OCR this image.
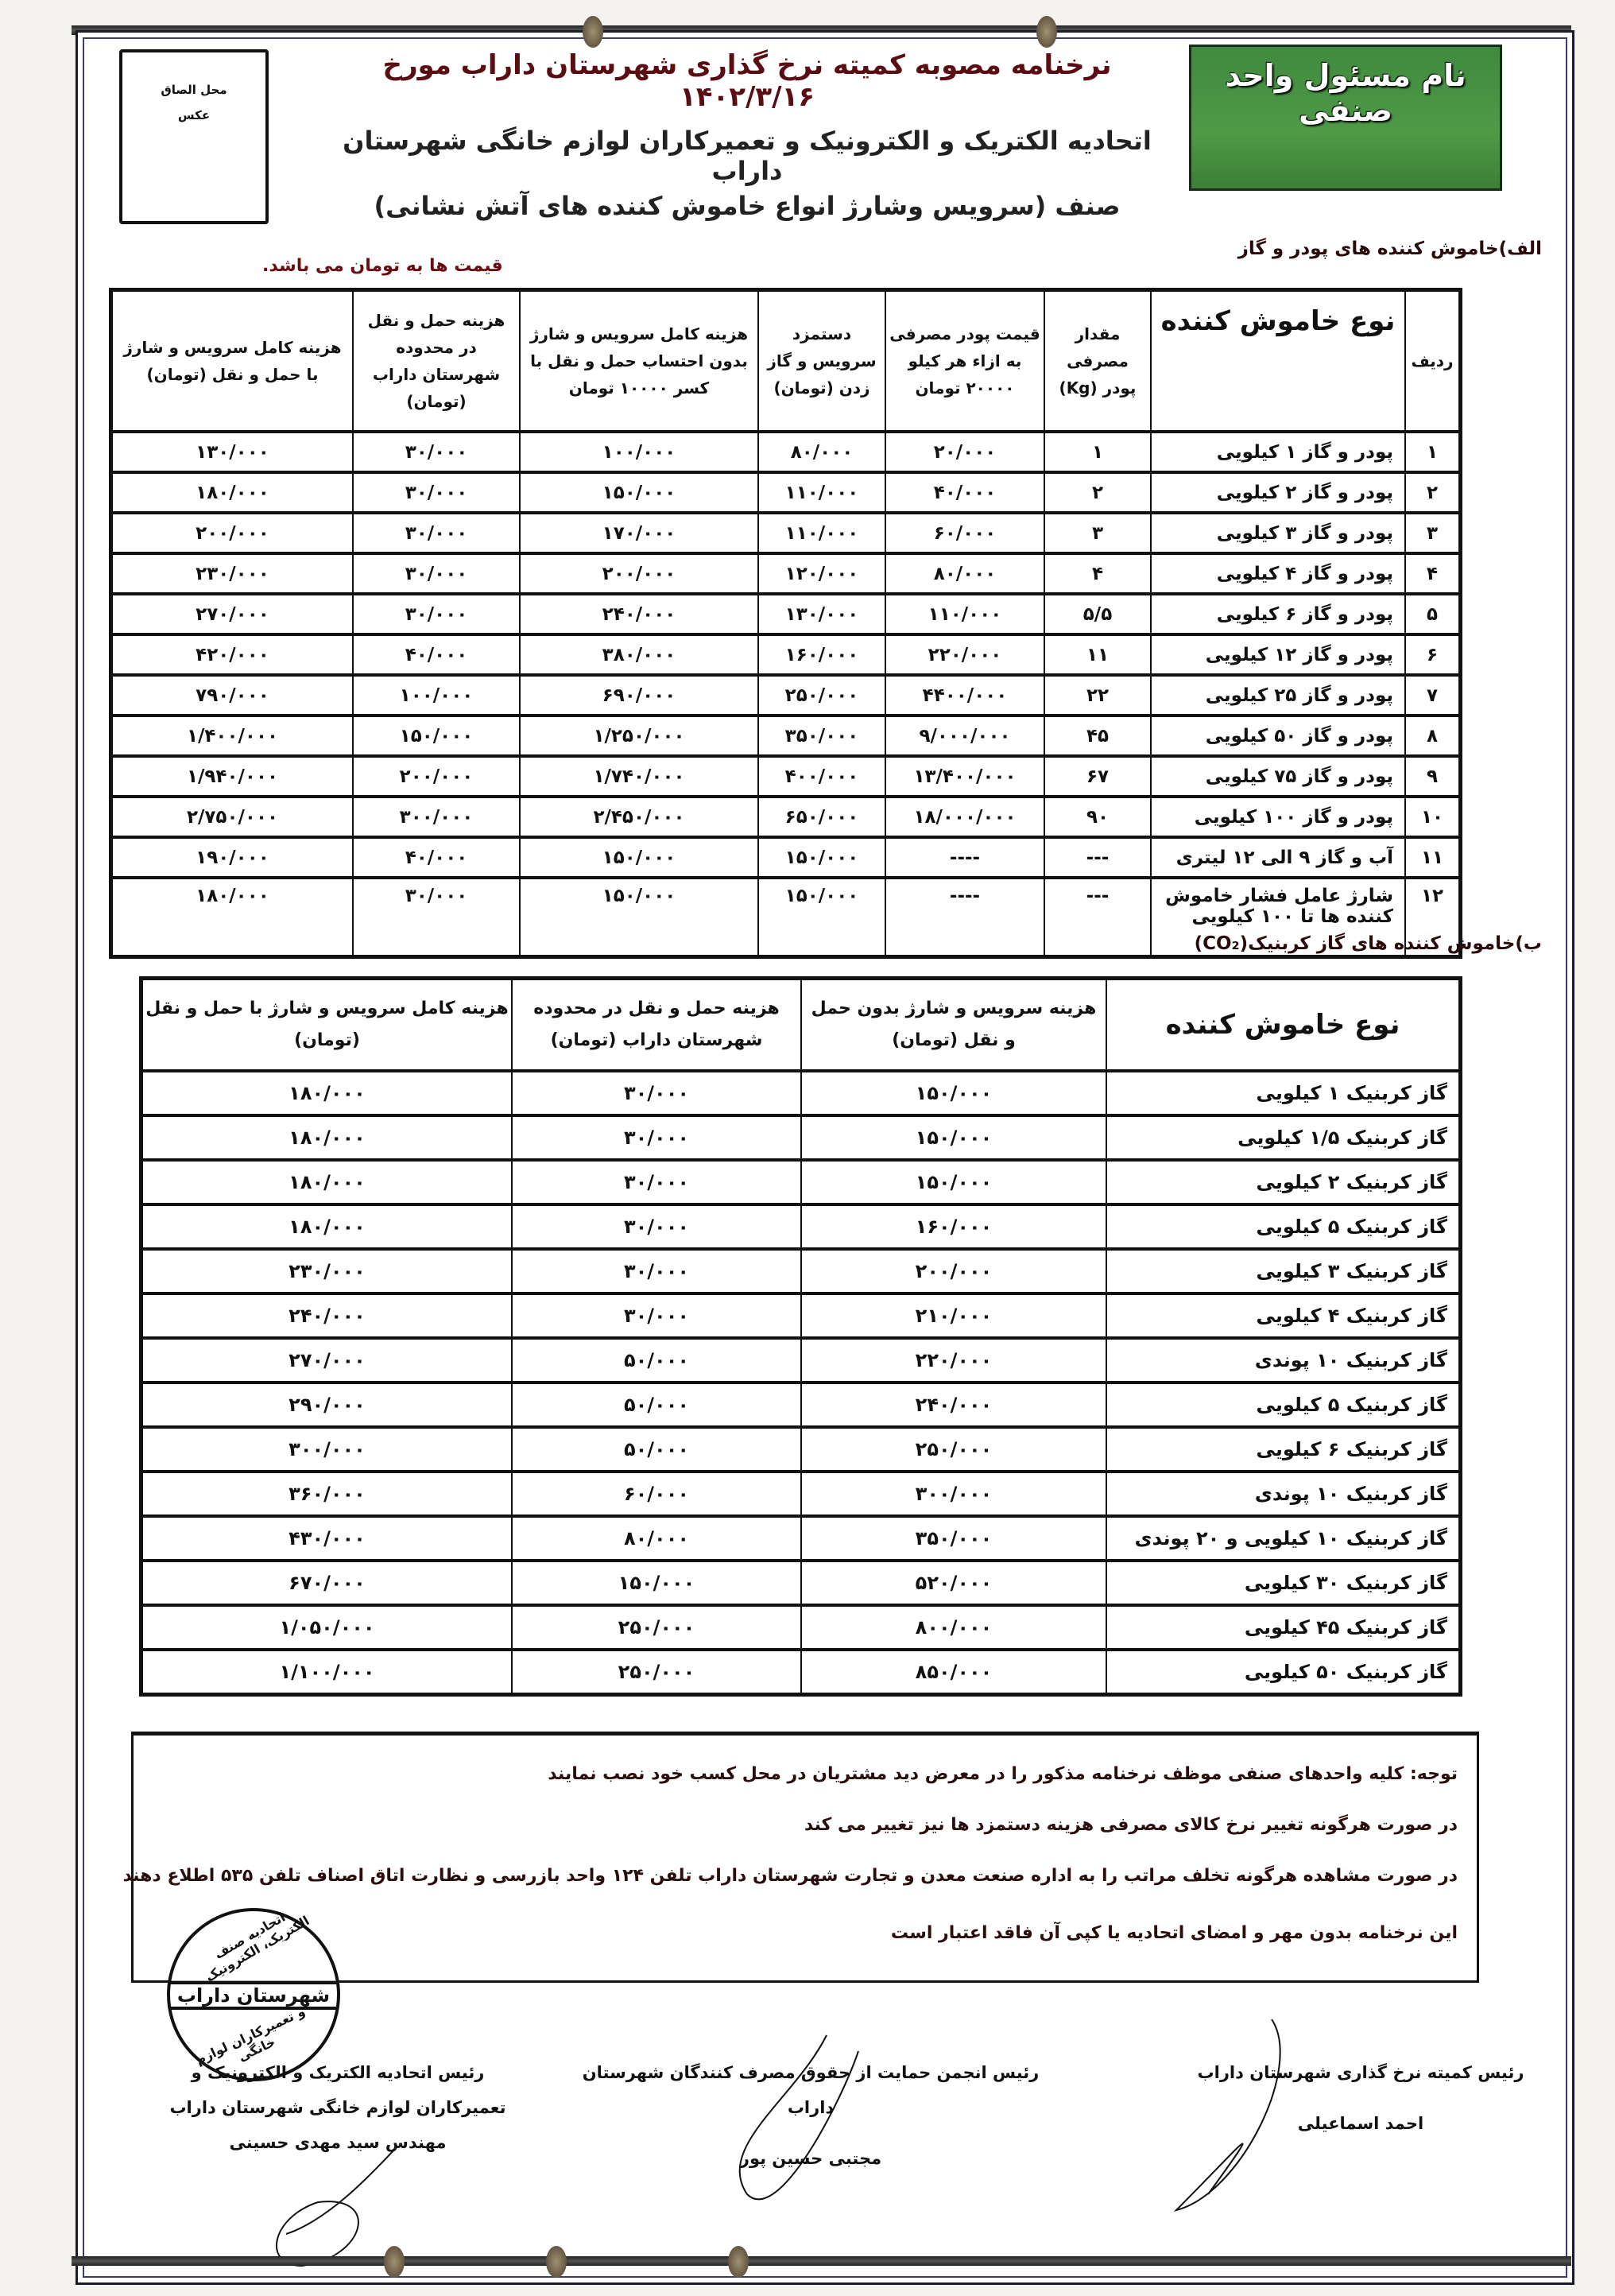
محل الصاق
عکس
نام مسئول واحد صنفی
نرخنامه مصوبه کمیته نرخ گذاری شهرستان داراب مورخ ۱۴۰۲/۳/۱۶
اتحادیه الکتریک و الکترونیک و تعمیرکاران لوازم خانگی شهرستان داراب
صنف (سرویس وشارژ انواع خاموش کننده های آتش نشانی)
الف)خاموش کننده های پودر و گاز
قیمت ها به تومان می باشد.
ردیف	نوع خاموش کننده	مقدار مصرفی پودر (Kg)	قیمت پودر مصرفی به ازاء هر کیلو ۲۰۰۰۰ تومان	دستمزد سرویس و گاز زدن (تومان)	هزینه کامل سرویس و شارژ بدون احتساب حمل و نقل با کسر ۱۰۰۰۰ تومان	هزینه حمل و نقل در محدوده شهرستان داراب (تومان)	هزینه کامل سرویس و شارژ با حمل و نقل (تومان)
۱	پودر و گاز ۱ کیلویی	۱	۲۰/۰۰۰	۸۰/۰۰۰	۱۰۰/۰۰۰	۳۰/۰۰۰	۱۳۰/۰۰۰
۲	پودر و گاز ۲ کیلویی	۲	۴۰/۰۰۰	۱۱۰/۰۰۰	۱۵۰/۰۰۰	۳۰/۰۰۰	۱۸۰/۰۰۰
۳	پودر و گاز ۳ کیلویی	۳	۶۰/۰۰۰	۱۱۰/۰۰۰	۱۷۰/۰۰۰	۳۰/۰۰۰	۲۰۰/۰۰۰
۴	پودر و گاز ۴ کیلویی	۴	۸۰/۰۰۰	۱۲۰/۰۰۰	۲۰۰/۰۰۰	۳۰/۰۰۰	۲۳۰/۰۰۰
۵	پودر و گاز ۶ کیلویی	۵/۵	۱۱۰/۰۰۰	۱۳۰/۰۰۰	۲۴۰/۰۰۰	۳۰/۰۰۰	۲۷۰/۰۰۰
۶	پودر و گاز ۱۲ کیلویی	۱۱	۲۲۰/۰۰۰	۱۶۰/۰۰۰	۳۸۰/۰۰۰	۴۰/۰۰۰	۴۲۰/۰۰۰
۷	پودر و گاز ۲۵ کیلویی	۲۲	۴۴۰۰/۰۰۰	۲۵۰/۰۰۰	۶۹۰/۰۰۰	۱۰۰/۰۰۰	۷۹۰/۰۰۰
۸	پودر و گاز ۵۰ کیلویی	۴۵	۹/۰۰۰/۰۰۰	۳۵۰/۰۰۰	۱/۲۵۰/۰۰۰	۱۵۰/۰۰۰	۱/۴۰۰/۰۰۰
۹	پودر و گاز ۷۵ کیلویی	۶۷	۱۳/۴۰۰/۰۰۰	۴۰۰/۰۰۰	۱/۷۴۰/۰۰۰	۲۰۰/۰۰۰	۱/۹۴۰/۰۰۰
۱۰	پودر و گاز ۱۰۰ کیلویی	۹۰	۱۸/۰۰۰/۰۰۰	۶۵۰/۰۰۰	۲/۴۵۰/۰۰۰	۳۰۰/۰۰۰	۲/۷۵۰/۰۰۰
۱۱	آب و گاز ۹ الی ۱۲ لیتری	---	----	۱۵۰/۰۰۰	۱۵۰/۰۰۰	۴۰/۰۰۰	۱۹۰/۰۰۰
۱۲	شارژ عامل فشار خاموش کننده ها تا ۱۰۰ کیلویی	---	----	۱۵۰/۰۰۰	۱۵۰/۰۰۰	۳۰/۰۰۰	۱۸۰/۰۰۰
ب)خاموش کننده های گاز کربنیک(CO₂)
نوع خاموش کننده	هزینه سرویس و شارژ بدون حمل و نقل (تومان)	هزینه حمل و نقل در محدوده شهرستان داراب (تومان)	هزینه کامل سرویس و شارژ با حمل و نقل (تومان)
گاز کربنیک ۱ کیلویی	۱۵۰/۰۰۰	۳۰/۰۰۰	۱۸۰/۰۰۰
گاز کربنیک ۱/۵ کیلویی	۱۵۰/۰۰۰	۳۰/۰۰۰	۱۸۰/۰۰۰
گاز کربنیک ۲ کیلویی	۱۵۰/۰۰۰	۳۰/۰۰۰	۱۸۰/۰۰۰
گاز کربنیک ۵ کیلویی	۱۶۰/۰۰۰	۳۰/۰۰۰	۱۸۰/۰۰۰
گاز کربنیک ۳ کیلویی	۲۰۰/۰۰۰	۳۰/۰۰۰	۲۳۰/۰۰۰
گاز کربنیک ۴ کیلویی	۲۱۰/۰۰۰	۳۰/۰۰۰	۲۴۰/۰۰۰
گاز کربنیک ۱۰ پوندی	۲۲۰/۰۰۰	۵۰/۰۰۰	۲۷۰/۰۰۰
گاز کربنیک ۵ کیلویی	۲۴۰/۰۰۰	۵۰/۰۰۰	۲۹۰/۰۰۰
گاز کربنیک ۶ کیلویی	۲۵۰/۰۰۰	۵۰/۰۰۰	۳۰۰/۰۰۰
گاز کربنیک ۱۰ پوندی	۳۰۰/۰۰۰	۶۰/۰۰۰	۳۶۰/۰۰۰
گاز کربنیک ۱۰ کیلویی و ۲۰ پوندی	۳۵۰/۰۰۰	۸۰/۰۰۰	۴۳۰/۰۰۰
گاز کربنیک ۳۰ کیلویی	۵۲۰/۰۰۰	۱۵۰/۰۰۰	۶۷۰/۰۰۰
گاز کربنیک ۴۵ کیلویی	۸۰۰/۰۰۰	۲۵۰/۰۰۰	۱/۰۵۰/۰۰۰
گاز کربنیک ۵۰ کیلویی	۸۵۰/۰۰۰	۲۵۰/۰۰۰	۱/۱۰۰/۰۰۰

توجه: کلیه واحدهای صنفی موظف نرخنامه مذکور را در معرض دید مشتریان در محل کسب خود نصب نمایند

در صورت هرگونه تغییر نرخ کالای مصرفی هزینه دستمزد ها نیز تغییر می کند

در صورت مشاهده هرگونه تخلف مراتب را به اداره صنعت معدن و تجارت شهرستان داراب تلفن ۱۲۴ واحد بازرسی و نظارت اتاق اصناف تلفن ۵۳۵ اطلاع دهند

این نرخنامه بدون مهر و امضای اتحادیه یا کپی آن فاقد اعتبار است

اتحادیه صنف الکتریک، الکترونیک
شهرستان داراب
و تعمیرکاران لوازم خانگی
رئیس کمیته نرخ گذاری شهرستان داراب
احمد اسماعیلی
رئیس انجمن حمایت از حقوق مصرف کنندگان شهرستان داراب
مجتبی حسین پور
رئیس اتحادیه الکتریک و الکترونیک و
تعمیرکاران لوازم خانگی شهرستان داراب
مهندس سید مهدی حسینی
